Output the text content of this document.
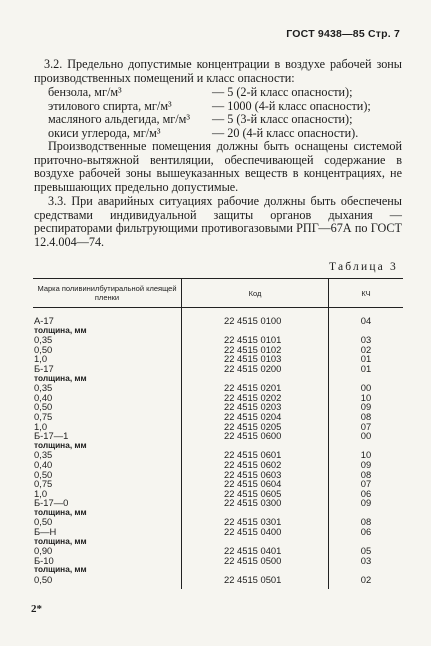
ГОСТ 9438—85 Стр. 7
3.2. Предельно допустимые концентрации в воздухе рабочей зоны производственных помещений и класс опасности:
бензола, мг/м³	— 5 (2-й класс опасности);
этилового спирта, мг/м³	— 1000 (4-й класс опасности);
масляного альдегида, мг/м³	— 5 (3-й класс опасности);
окиси углерода, мг/м³	— 20 (4-й класс опасности).
Производственные помещения должны быть оснащены системой приточно-вытяжной вентиляции, обеспечивающей содержание в воздухе рабочей зоны вышеуказанных веществ в концентрациях, не превышающих предельно допустимые.
3.3. При аварийных ситуациях рабочие должны быть обеспечены средствами индивидуальной защиты органов дыхания — респираторами фильтрующими противогазовыми РПГ—67А по ГОСТ 12.4.004—74.
Таблица 3
Марка поливинилбутиральной клеящей пленки	Код	КЧ
А-17	22 4515 0100	04
толщина, мм		
0,35	22 4515 0101	03
0,50	22 4515 0102	02
1,0	22 4515 0103	01
Б-17	22 4515 0200	01
толщина, мм		
0,35	22 4515 0201	00
0,40	22 4515 0202	10
0,50	22 4515 0203	09
0,75	22 4515 0204	08
1,0	22 4515 0205	07
Б-17—1	22 4515 0600	00
толщина, мм		
0,35	22 4515 0601	10
0,40	22 4515 0602	09
0,50	22 4515 0603	08
0,75	22 4515 0604	07
1,0	22 4515 0605	06
Б-17—0	22 4515 0300	09
толщина, мм		
0,50	22 4515 0301	08
Б—Н	22 4515 0400	06
толщина, мм		
0,90	22 4515 0401	05
Б-10	22 4515 0500	03
толщина, мм		
0,50	22 4515 0501	02
2*
